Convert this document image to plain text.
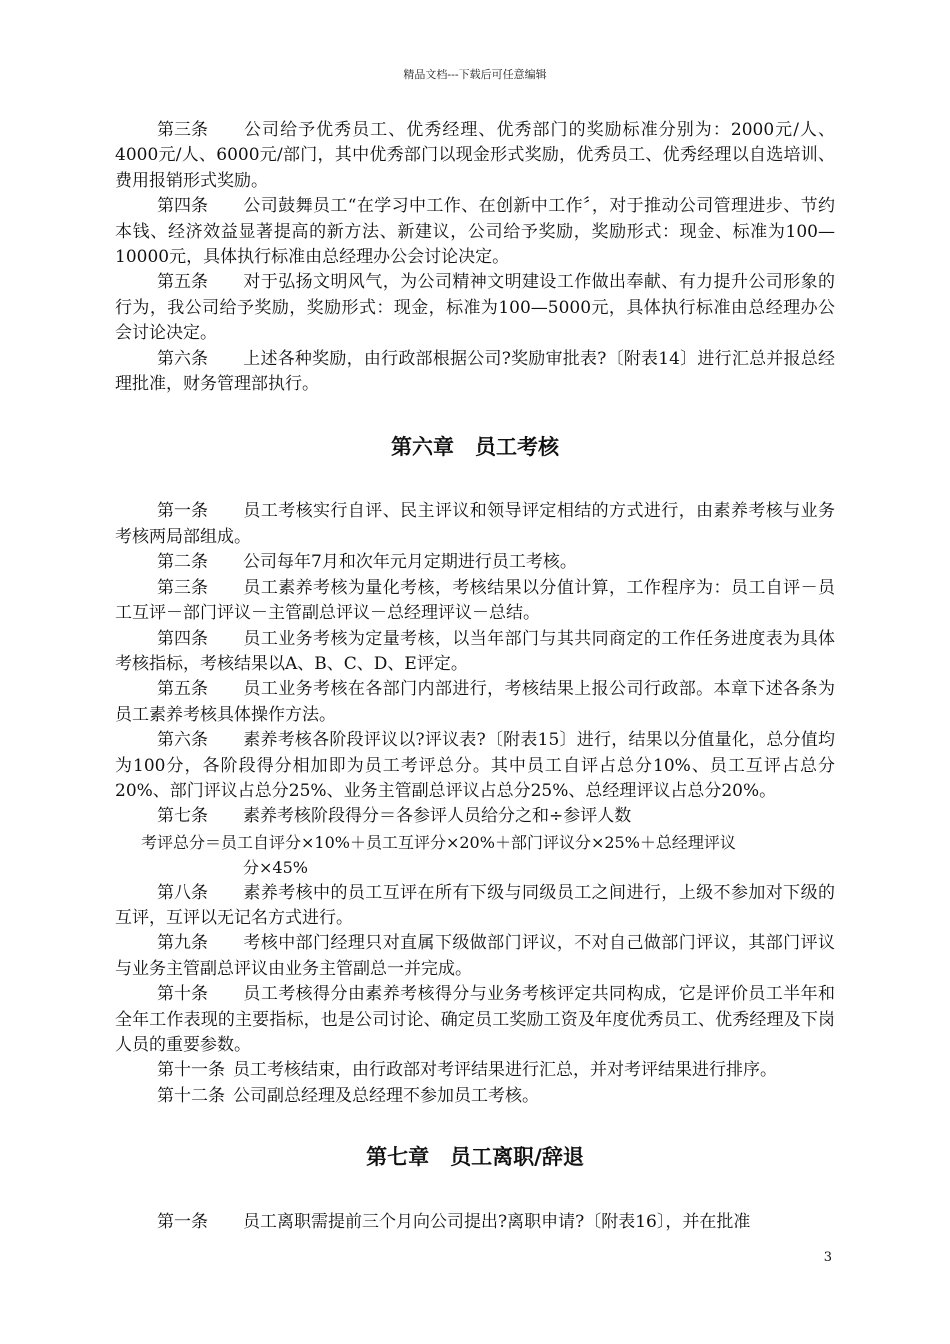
精品文档---下载后可任意编辑

第三条 公司给予优秀员工、优秀经理、优秀部门的奖励标准分别为：2000元/人、4000元/人、6000元/部门，其中优秀部门以现金形式奖励，优秀员工、优秀经理以自选培训、费用报销形式奖励。

第四条 公司鼓舞员工“在学习中工作、在创新中工作〞，对于推动公司管理进步、节约本钱、经济效益显著提高的新方法、新建议，公司给予奖励，奖励形式：现金、标准为100—10000元，具体执行标准由总经理办公会讨论决定。

第五条 对于弘扬文明风气，为公司精神文明建设工作做出奉献、有力提升公司形象的行为，我公司给予奖励，奖励形式：现金，标准为100—5000元，具体执行标准由总经理办公会讨论决定。

第六条 上述各种奖励，由行政部根据公司?奖励审批表?〔附表14〕进行汇总并报总经理批准，财务管理部执行。

第六章　员工考核

第一条 员工考核实行自评、民主评议和领导评定相结的方式进行，由素养考核与业务考核两局部组成。

第二条 公司每年7月和次年元月定期进行员工考核。

第三条 员工素养考核为量化考核，考核结果以分值计算，工作程序为：员工自评－员工互评－部门评议－主管副总评议－总经理评议－总结。

第四条 员工业务考核为定量考核，以当年部门与其共同商定的工作任务进度表为具体考核指标，考核结果以A、B、C、D、E评定。

第五条 员工业务考核在各部门内部进行，考核结果上报公司行政部。本章下述各条为员工素养考核具体操作方法。

第六条 素养考核各阶段评议以?评议表?〔附表15〕进行，结果以分值量化，总分值均为100分，各阶段得分相加即为员工考评总分。其中员工自评占总分10%、员工互评占总分20%、部门评议占总分25%、业务主管副总评议占总分25%、总经理评议占总分20%。

第七条 素养考核阶段得分＝各参评人员给分之和÷参评人数

考评总分＝员工自评分×10%＋员工互评分×20%＋部门评议分×25%＋总经理评议
分×45%

第八条 素养考核中的员工互评在所有下级与同级员工之间进行，上级不参加对下级的互评，互评以无记名方式进行。

第九条 考核中部门经理只对直属下级做部门评议，不对自己做部门评议，其部门评议与业务主管副总评议由业务主管副总一并完成。

第十条 员工考核得分由素养考核得分与业务考核评定共同构成，它是评价员工半年和全年工作表现的主要指标，也是公司讨论、确定员工奖励工资及年度优秀员工、优秀经理及下岗人员的重要参数。

第十一条 员工考核结束，由行政部对考评结果进行汇总，并对考评结果进行排序。

第十二条 公司副总经理及总经理不参加员工考核。

第七章　员工离职/辞退

第一条 员工离职需提前三个月向公司提出?离职申请?〔附表16〕，并在批准

3
